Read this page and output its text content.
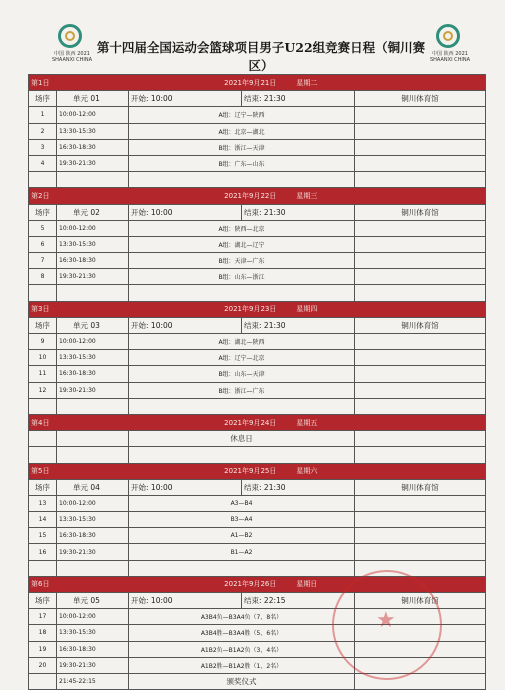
中国 陕西 2021
SHAANXI CHINA
第十四届全国运动会篮球项目男子U22组竞赛日程（铜川赛区）
中国 陕西 2021
SHAANXI CHINA
第1日	2021年9月21日 星期二			
场序	单元 01	开始: 10:00	结束: 21:30	铜川体育馆
1	10:00-12:00	A组：辽宁—陕西		
2	13:30-15:30	A组：北京—湖北		
3	16:30-18:30	B组：浙江—天津		
4	19:30-21:30	B组：广东—山东		

第2日	2021年9月22日 星期三			
场序	单元 02	开始: 10:00	结束: 21:30	铜川体育馆
5	10:00-12:00	A组：陕西—北京		
6	13:30-15:30	A组：湖北—辽宁		
7	16:30-18:30	B组：天津—广东		
8	19:30-21:30	B组：山东—浙江		

第3日	2021年9月23日 星期四			
场序	单元 03	开始: 10:00	结束: 21:30	铜川体育馆
9	10:00-12:00	A组：湖北—陕西		
10	13:30-15:30	A组：辽宁—北京		
11	16:30-18:30	B组：山东—天津		
12	19:30-21:30	B组：浙江—广东		

第4日	2021年9月24日 星期五			
		休息日		

第5日	2021年9月25日 星期六			
场序	单元 04	开始: 10:00	结束: 21:30	铜川体育馆
13	10:00-12:00	A3—B4		
14	13:30-15:30	B3—A4		
15	16:30-18:30	A1—B2		
16	19:30-21:30	B1—A2		

第6日	2021年9月26日 星期日			
场序	单元 05	开始: 10:00	结束: 22:15	铜川体育馆
17	10:00-12:00	A3B4负—B3A4负（7、8名）		
18	13:30-15:30	A3B4胜—B3A4胜（5、6名）		
19	16:30-18:30	A1B2负—B1A2负（3、4名）		
20	19:30-21:30	A1B2胜—B1A2胜（1、2名）		
	21:45-22:15	颁奖仪式		
★
